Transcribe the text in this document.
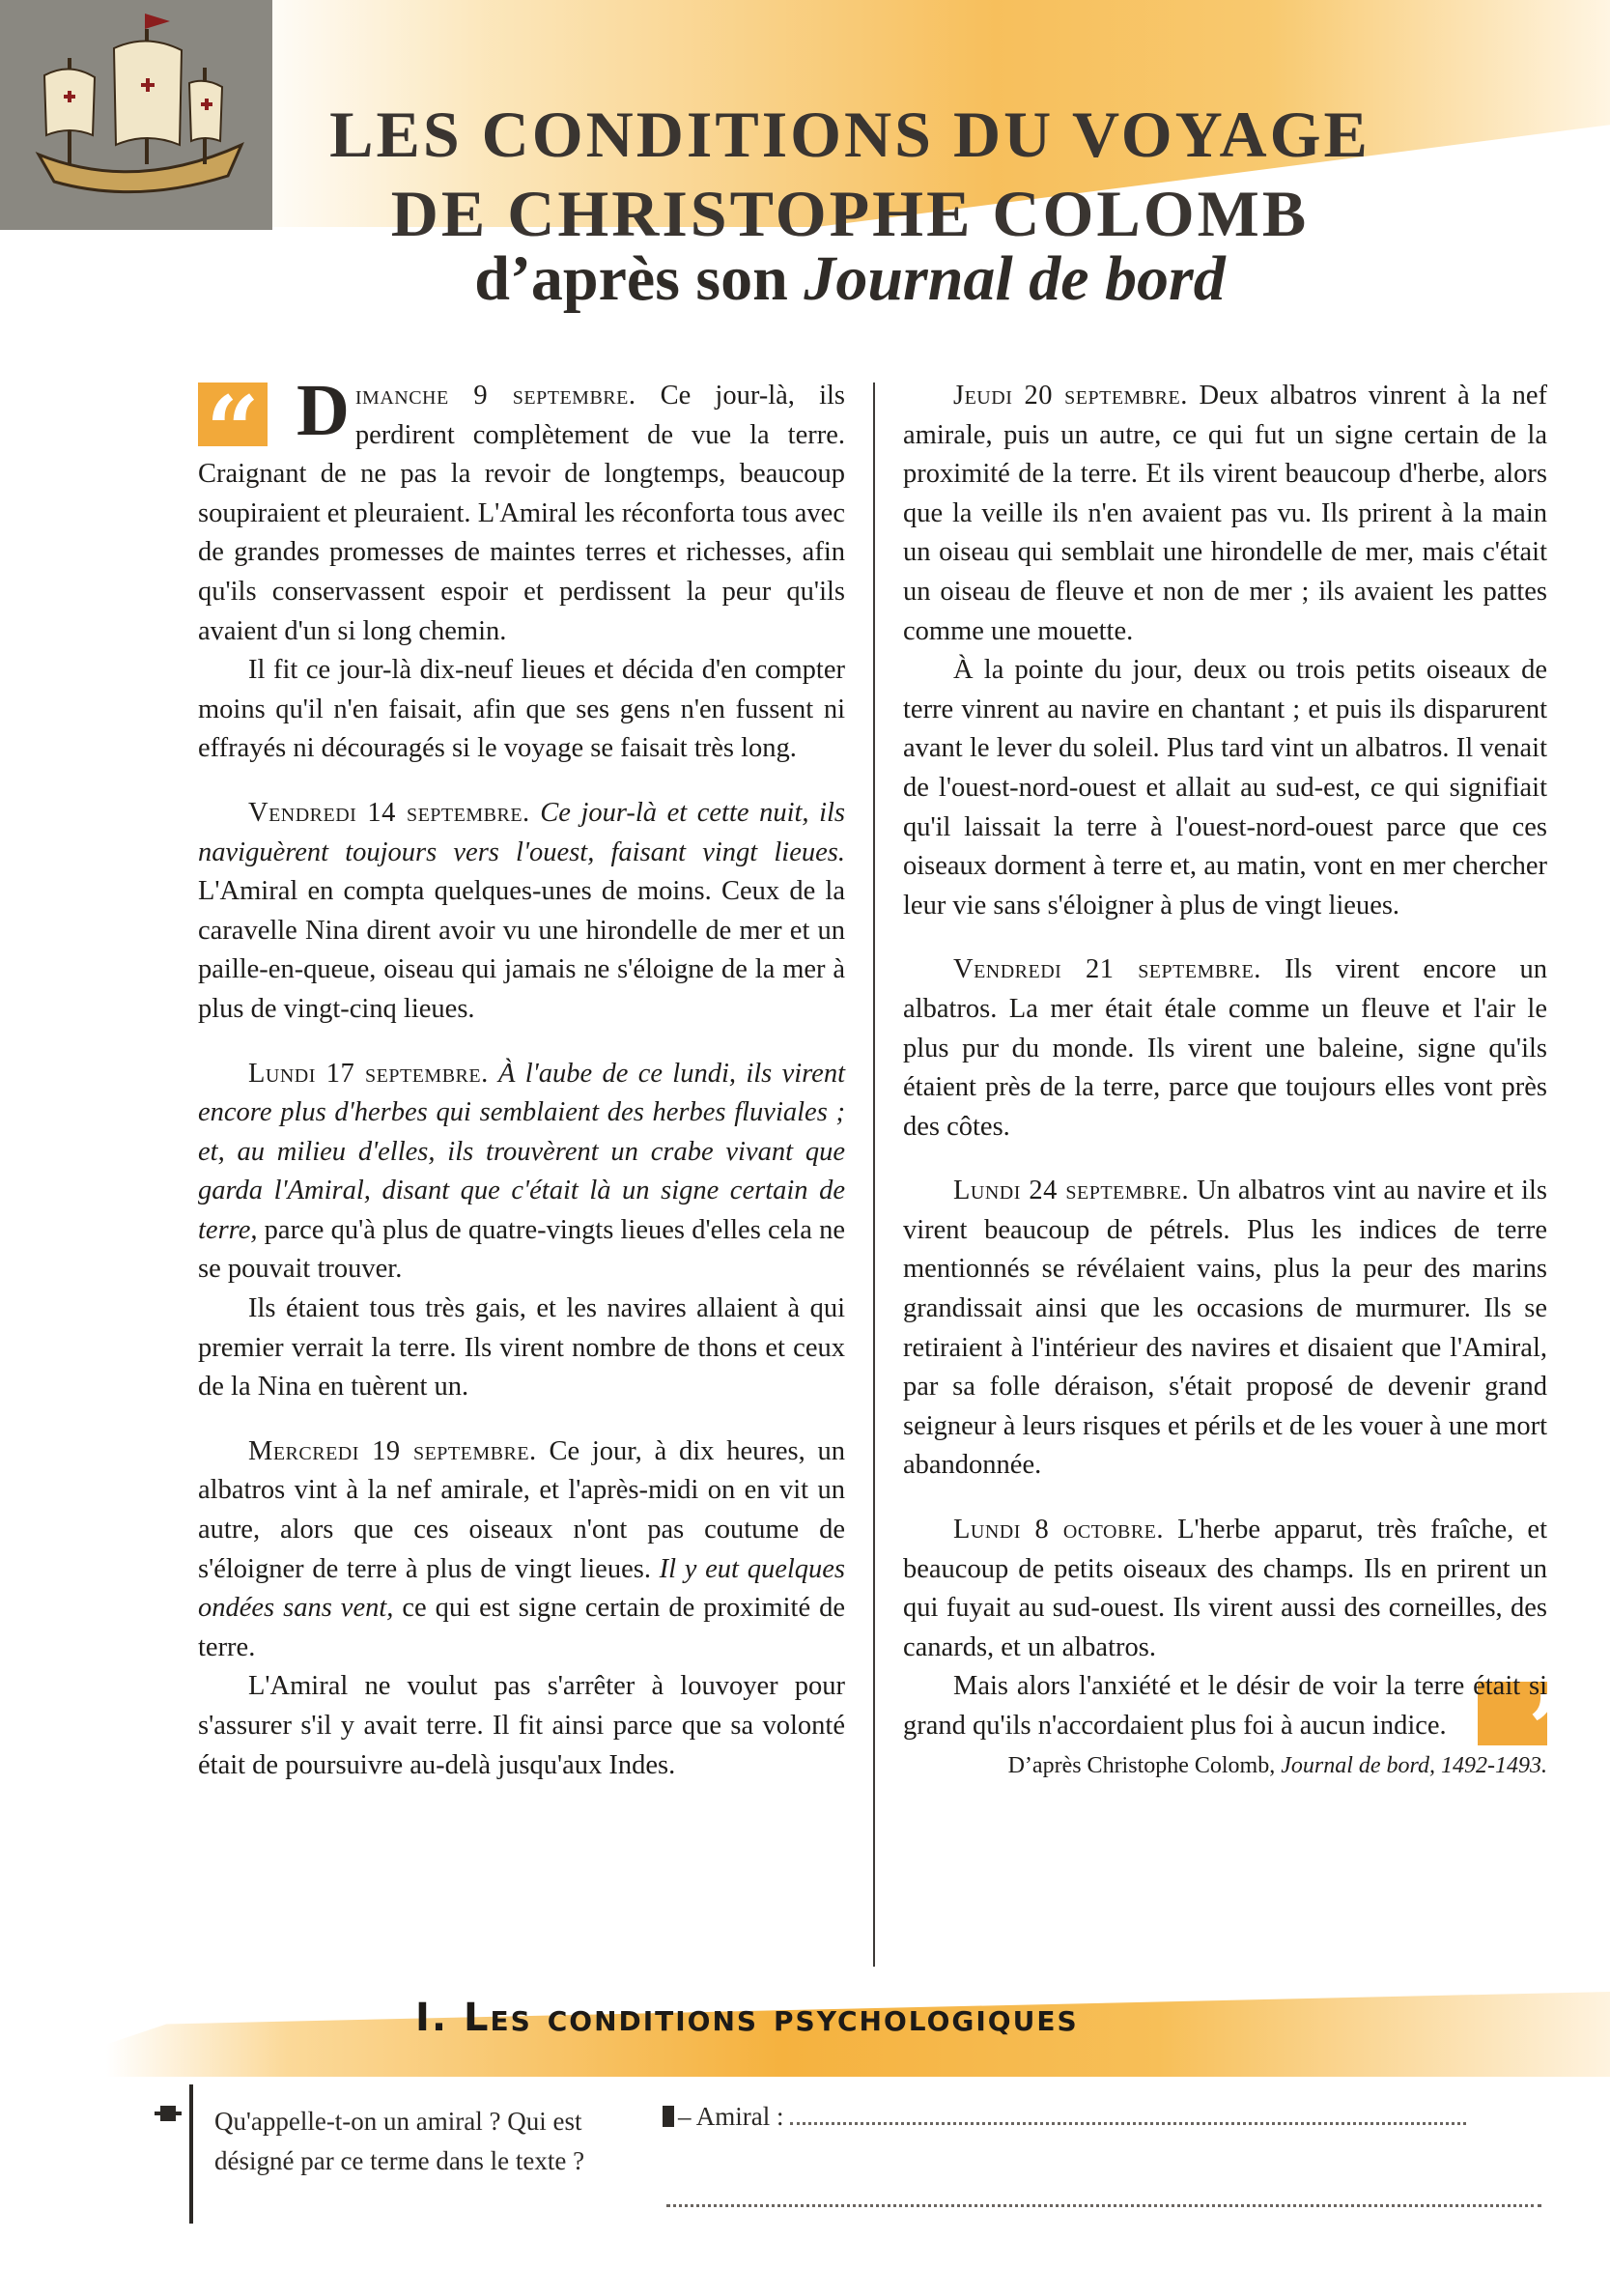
LES CONDITIONS DU VOYAGE
DE CHRISTOPHE COLOMB
d’après son Journal de bord

“ D imanche 9 septembre. Ce jour-là, ils perdirent complètement de vue la terre. Craignant de ne pas la revoir de longtemps, beaucoup soupiraient et pleuraient. L'Amiral les réconforta tous avec de grandes promesses de maintes terres et richesses, afin qu'ils conservassent espoir et perdissent la peur qu'ils avaient d'un si long chemin.

Il fit ce jour-là dix-neuf lieues et décida d'en compter moins qu'il n'en faisait, afin que ses gens n'en fussent ni effrayés ni découragés si le voyage se faisait très long.

Vendredi 14 septembre. Ce jour-là et cette nuit, ils naviguèrent toujours vers l'ouest, faisant vingt lieues. L'Amiral en compta quelques-unes de moins. Ceux de la caravelle Nina dirent avoir vu une hirondelle de mer et un paille-en-queue, oiseau qui jamais ne s'éloigne de la mer à plus de vingt-cinq lieues.

Lundi 17 septembre. À l'aube de ce lundi, ils virent encore plus d'herbes qui semblaient des herbes fluviales ; et, au milieu d'elles, ils trouvèrent un crabe vivant que garda l'Amiral, disant que c'était là un signe certain de terre, parce qu'à plus de quatre-vingts lieues d'elles cela ne se pouvait trouver.

Ils étaient tous très gais, et les navires allaient à qui premier verrait la terre. Ils virent nombre de thons et ceux de la Nina en tuèrent un.

Mercredi 19 septembre. Ce jour, à dix heures, un albatros vint à la nef amirale, et l'après-midi on en vit un autre, alors que ces oiseaux n'ont pas coutume de s'éloigner de terre à plus de vingt lieues. Il y eut quelques ondées sans vent, ce qui est signe certain de proximité de terre.

L'Amiral ne voulut pas s'arrêter à louvoyer pour s'assurer s'il y avait terre. Il fit ainsi parce que sa volonté était de poursuivre au-delà jusqu'aux Indes.

Jeudi 20 septembre. Deux albatros vinrent à la nef amirale, puis un autre, ce qui fut un signe certain de la proximité de la terre. Et ils virent beaucoup d'herbe, alors que la veille ils n'en avaient pas vu. Ils prirent à la main un oiseau qui semblait une hirondelle de mer, mais c'était un oiseau de fleuve et non de mer ; ils avaient les pattes comme une mouette.

À la pointe du jour, deux ou trois petits oiseaux de terre vinrent au navire en chantant ; et puis ils disparurent avant le lever du soleil. Plus tard vint un albatros. Il venait de l'ouest-nord-ouest et allait au sud-est, ce qui signifiait qu'il laissait la terre à l'ouest-nord-ouest parce que ces oiseaux dorment à terre et, au matin, vont en mer chercher leur vie sans s'éloigner à plus de vingt lieues.

Vendredi 21 septembre. Ils virent encore un albatros. La mer était étale comme un fleuve et l'air le plus pur du monde. Ils virent une baleine, signe qu'ils étaient près de la terre, parce que toujours elles vont près des côtes.

Lundi 24 septembre. Un albatros vint au navire et ils virent beaucoup de pétrels. Plus les indices de terre mentionnés se révélaient vains, plus la peur des marins grandissait ainsi que les occasions de murmurer. Ils se retiraient à l'intérieur des navires et disaient que l'Amiral, par sa folle déraison, s'était proposé de devenir grand seigneur à leurs risques et périls et de les vouer à une mort abandonnée.

Lundi 8 octobre. L'herbe apparut, très fraîche, et beaucoup de petits oiseaux des champs. Ils en prirent un qui fuyait au sud-ouest. Ils virent aussi des corneilles, des canards, et un albatros.

Mais alors l'anxiété et le désir de voir la terre était si grand qu'ils n'accordaient plus foi à aucun indice. ”

D’après Christophe Colomb, Journal de bord, 1492-1493.

I. Les conditions psychologiques
Qu'appelle-t-on un amiral ? Qui est désigné par ce terme dans le texte ?
– Amiral :
